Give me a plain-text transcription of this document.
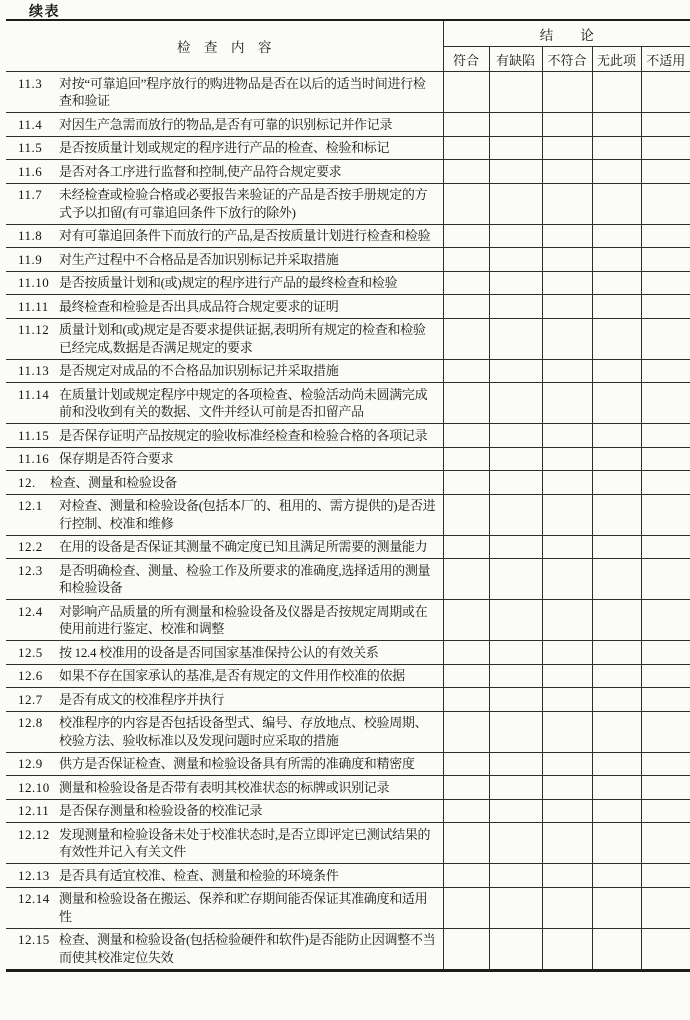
续表
检　查　内　容	结　　论				
	符合	有缺陷	不符合	无此项	不适用

11.3 对按“可靠追回”程序放行的购进物品是否在以后的适当时间进行检查和验证					

11.4 对因生产急需而放行的物品,是否有可靠的识别标记并作记录					

11.5 是否按质量计划或规定的程序进行产品的检查、检验和标记					

11.6 是否对各工序进行监督和控制,使产品符合规定要求					

11.7 未经检查或检验合格或必要报告来验证的产品是否按手册规定的方式予以扣留(有可靠追回条件下放行的除外)					

11.8 对有可靠追回条件下而放行的产品,是否按质量计划进行检查和检验					

11.9 对生产过程中不合格品是否加识别标记并采取措施					

11.10 是否按质量计划和(或)规定的程序进行产品的最终检查和检验					

11.11 最终检查和检验是否出具成品符合规定要求的证明					

11.12 质量计划和(或)规定是否要求提供证据,表明所有规定的检查和检验已经完成,数据是否满足规定的要求					

11.13 是否规定对成品的不合格品加识别标记并采取措施					

11.14 在质量计划或规定程序中规定的各项检查、检验活动尚未圆满完成前和没收到有关的数据、文件并经认可前是否扣留产品					

11.15 是否保存证明产品按规定的验收标准经检查和检验合格的各项记录					

11.16 保存期是否符合要求					

12. 检查、测量和检验设备					

12.1 对检查、测量和检验设备(包括本厂的、租用的、需方提供的)是否进行控制、校准和维修					

12.2 在用的设备是否保证其测量不确定度已知且满足所需要的测量能力					

12.3 是否明确检查、测量、检验工作及所要求的准确度,选择适用的测量和检验设备					

12.4 对影响产品质量的所有测量和检验设备及仪器是否按规定周期或在使用前进行鉴定、校准和调整					

12.5 按 12.4 校准用的设备是否同国家基准保持公认的有效关系					

12.6 如果不存在国家承认的基准,是否有规定的文件用作校准的依据					

12.7 是否有成文的校准程序并执行					

12.8 校准程序的内容是否包括设备型式、编号、存放地点、校验周期、校验方法、验收标准以及发现问题时应采取的措施					

12.9 供方是否保证检查、测量和检验设备具有所需的准确度和精密度					

12.10 测量和检验设备是否带有表明其校准状态的标牌或识别记录					

12.11 是否保存测量和检验设备的校准记录					

12.12 发现测量和检验设备未处于校准状态时,是否立即评定已测试结果的有效性并记入有关文件					

12.13 是否具有适宜校准、检查、测量和检验的环境条件					

12.14 测量和检验设备在搬运、保养和贮存期间能否保证其准确度和适用性					

12.15 检查、测量和检验设备(包括检验硬件和软件)是否能防止因调整不当而使其校准定位失效					
